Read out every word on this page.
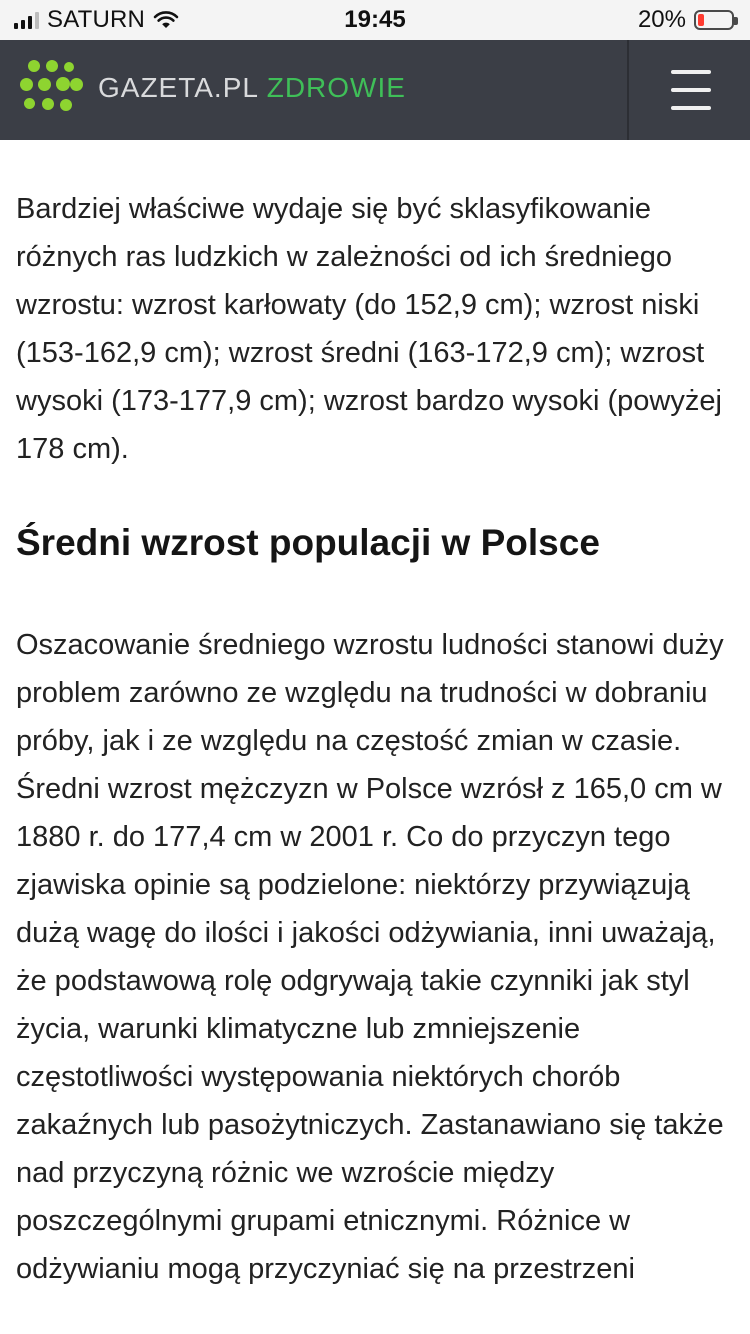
SATURN	19:45	20%
GAZETA.PL ZDROWIE

Bardziej właściwe wydaje się być sklasyfikowanie różnych ras ludzkich w zależności od ich średniego wzrostu: wzrost karłowaty (do 152,9 cm); wzrost niski (153-162,9 cm); wzrost średni (163-172,9 cm); wzrost wysoki (173-177,9 cm); wzrost bardzo wysoki (powyżej 178 cm).

Średni wzrost populacji w Polsce

Oszacowanie średniego wzrostu ludności stanowi duży problem zarówno ze względu na trudności w dobraniu próby, jak i ze względu na częstość zmian w czasie. Średni wzrost mężczyzn w Polsce wzrósł z 165,0 cm w 1880 r. do 177,4 cm w 2001 r. Co do przyczyn tego zjawiska opinie są podzielone: niektórzy przywiązują dużą wagę do ilości i jakości odżywiania, inni uważają, że podstawową rolę odgrywają takie czynniki jak styl życia, warunki klimatyczne lub zmniejszenie częstotliwości występowania niektórych chorób zakaźnych lub pasożytniczych. Zastanawiano się także nad przyczyną różnic we wzroście między poszczególnymi grupami etnicznymi. Różnice w odżywianiu mogą przyczyniać się na przestrzeni
